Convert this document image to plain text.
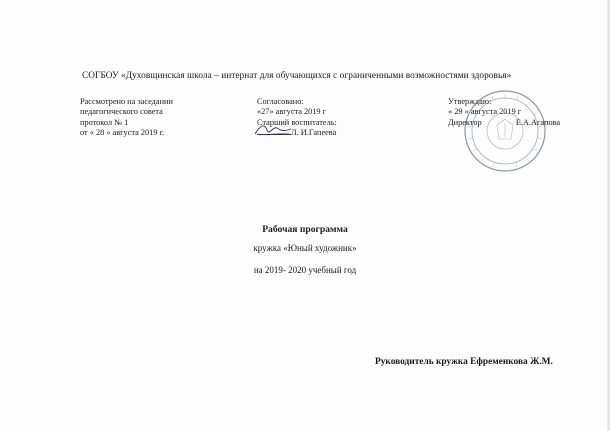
СОГБОУ «Духовщинская школа – интернат для обучающихся с ограниченными возможностями здоровья»
Рассмотрено на заседании
педагогического совета
протокол № 1
от « 28 » августа 2019 г.
Согласовано:
«27» августа 2019 г
Старший воспитатель:
Л. И.Гапеева
Утверждаю:
« 29 » августа 2019 г
Директор	Е.А.Агапова
Рабочая программа
кружка «Юный художник»
на 2019- 2020 учебный год
Руководитель кружка Ефременкова Ж.М.
